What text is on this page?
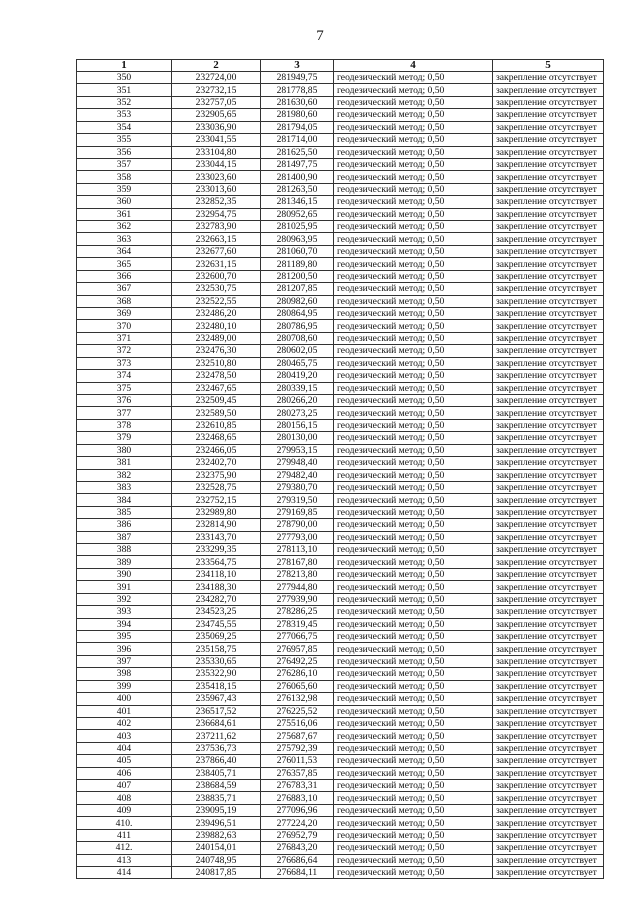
7
1	2	3	4	5
350	232724,00	281949,75	геодезический метод; 0,50	закрепление отсутствует
351	232732,15	281778,85	геодезический метод; 0,50	закрепление отсутствует
352	232757,05	281630,60	геодезический метод; 0,50	закрепление отсутствует
353	232905,65	281980,60	геодезический метод; 0,50	закрепление отсутствует
354	233036,90	281794,05	геодезический метод; 0,50	закрепление отсутствует
355	233041,55	281714,00	геодезический метод; 0,50	закрепление отсутствует
356	233104,80	281625,50	геодезический метод; 0,50	закрепление отсутствует
357	233044,15	281497,75	геодезический метод; 0,50	закрепление отсутствует
358	233023,60	281400,90	геодезический метод; 0,50	закрепление отсутствует
359	233013,60	281263,50	геодезический метод; 0,50	закрепление отсутствует
360	232852,35	281346,15	геодезический метод; 0,50	закрепление отсутствует
361	232954,75	280952,65	геодезический метод; 0,50	закрепление отсутствует
362	232783,90	281025,95	геодезический метод; 0,50	закрепление отсутствует
363	232663,15	280963,95	геодезический метод; 0,50	закрепление отсутствует
364	232677,60	281060,70	геодезический метод; 0,50	закрепление отсутствует
365	232631,15	281189,80	геодезический метод; 0,50	закрепление отсутствует
366	232600,70	281200,50	геодезический метод; 0,50	закрепление отсутствует
367	232530,75	281207,85	геодезический метод; 0,50	закрепление отсутствует
368	232522,55	280982,60	геодезический метод; 0,50	закрепление отсутствует
369	232486,20	280864,95	геодезический метод; 0,50	закрепление отсутствует
370	232480,10	280786,95	геодезический метод; 0,50	закрепление отсутствует
371	232489,00	280708,60	геодезический метод; 0,50	закрепление отсутствует
372	232476,30	280602,05	геодезический метод; 0,50	закрепление отсутствует
373	232510,80	280465,75	геодезический метод; 0,50	закрепление отсутствует
374	232478,50	280419,20	геодезический метод; 0,50	закрепление отсутствует
375	232467,65	280339,15	геодезический метод; 0,50	закрепление отсутствует
376	232509,45	280266,20	геодезический метод; 0,50	закрепление отсутствует
377	232589,50	280273,25	геодезический метод; 0,50	закрепление отсутствует
378	232610,85	280156,15	геодезический метод; 0,50	закрепление отсутствует
379	232468,65	280130,00	геодезический метод; 0,50	закрепление отсутствует
380	232466,05	279953,15	геодезический метод; 0,50	закрепление отсутствует
381	232402,70	279948,40	геодезический метод; 0,50	закрепление отсутствует
382	232375,90	279482,40	геодезический метод; 0,50	закрепление отсутствует
383	232528,75	279380,70	геодезический метод; 0,50	закрепление отсутствует
384	232752,15	279319,50	геодезический метод; 0,50	закрепление отсутствует
385	232989,80	279169,85	геодезический метод; 0,50	закрепление отсутствует
386	232814,90	278790,00	геодезический метод; 0,50	закрепление отсутствует
387	233143,70	277793,00	геодезический метод; 0,50	закрепление отсутствует
388	233299,35	278113,10	геодезический метод; 0,50	закрепление отсутствует
389	233564,75	278167,80	геодезический метод; 0,50	закрепление отсутствует
390	234118,10	278213,80	геодезический метод; 0,50	закрепление отсутствует
391	234188,30	277944,80	геодезический метод; 0,50	закрепление отсутствует
392	234282,70	277939,90	геодезический метод; 0,50	закрепление отсутствует
393	234523,25	278286,25	геодезический метод; 0,50	закрепление отсутствует
394	234745,55	278319,45	геодезический метод; 0,50	закрепление отсутствует
395	235069,25	277066,75	геодезический метод; 0,50	закрепление отсутствует
396	235158,75	276957,85	геодезический метод; 0,50	закрепление отсутствует
397	235330,65	276492,25	геодезический метод; 0,50	закрепление отсутствует
398	235322,90	276286,10	геодезический метод; 0,50	закрепление отсутствует
399	235418,15	276065,60	геодезический метод; 0,50	закрепление отсутствует
400	235967,43	276132,98	геодезический метод; 0,50	закрепление отсутствует
401	236517,52	276225,52	геодезический метод; 0,50	закрепление отсутствует
402	236684,61	275516,06	геодезический метод; 0,50	закрепление отсутствует
403	237211,62	275687,67	геодезический метод; 0,50	закрепление отсутствует
404	237536,73	275792,39	геодезический метод; 0,50	закрепление отсутствует
405	237866,40	276011,53	геодезический метод; 0,50	закрепление отсутствует
406	238405,71	276357,85	геодезический метод; 0,50	закрепление отсутствует
407	238684,59	276783,31	геодезический метод; 0,50	закрепление отсутствует
408	238835,71	276883,10	геодезический метод; 0,50	закрепление отсутствует
409	239095,19	277096,96	геодезический метод; 0,50	закрепление отсутствует
410.	239496,51	277224,20	геодезический метод; 0,50	закрепление отсутствует
411	239882,63	276952,79	геодезический метод; 0,50	закрепление отсутствует
412.	240154,01	276843,20	геодезический метод; 0,50	закрепление отсутствует
413	240748,95	276686,64	геодезический метод; 0,50	закрепление отсутствует
414	240817,85	276684,11	геодезический метод; 0,50	закрепление отсутствует
